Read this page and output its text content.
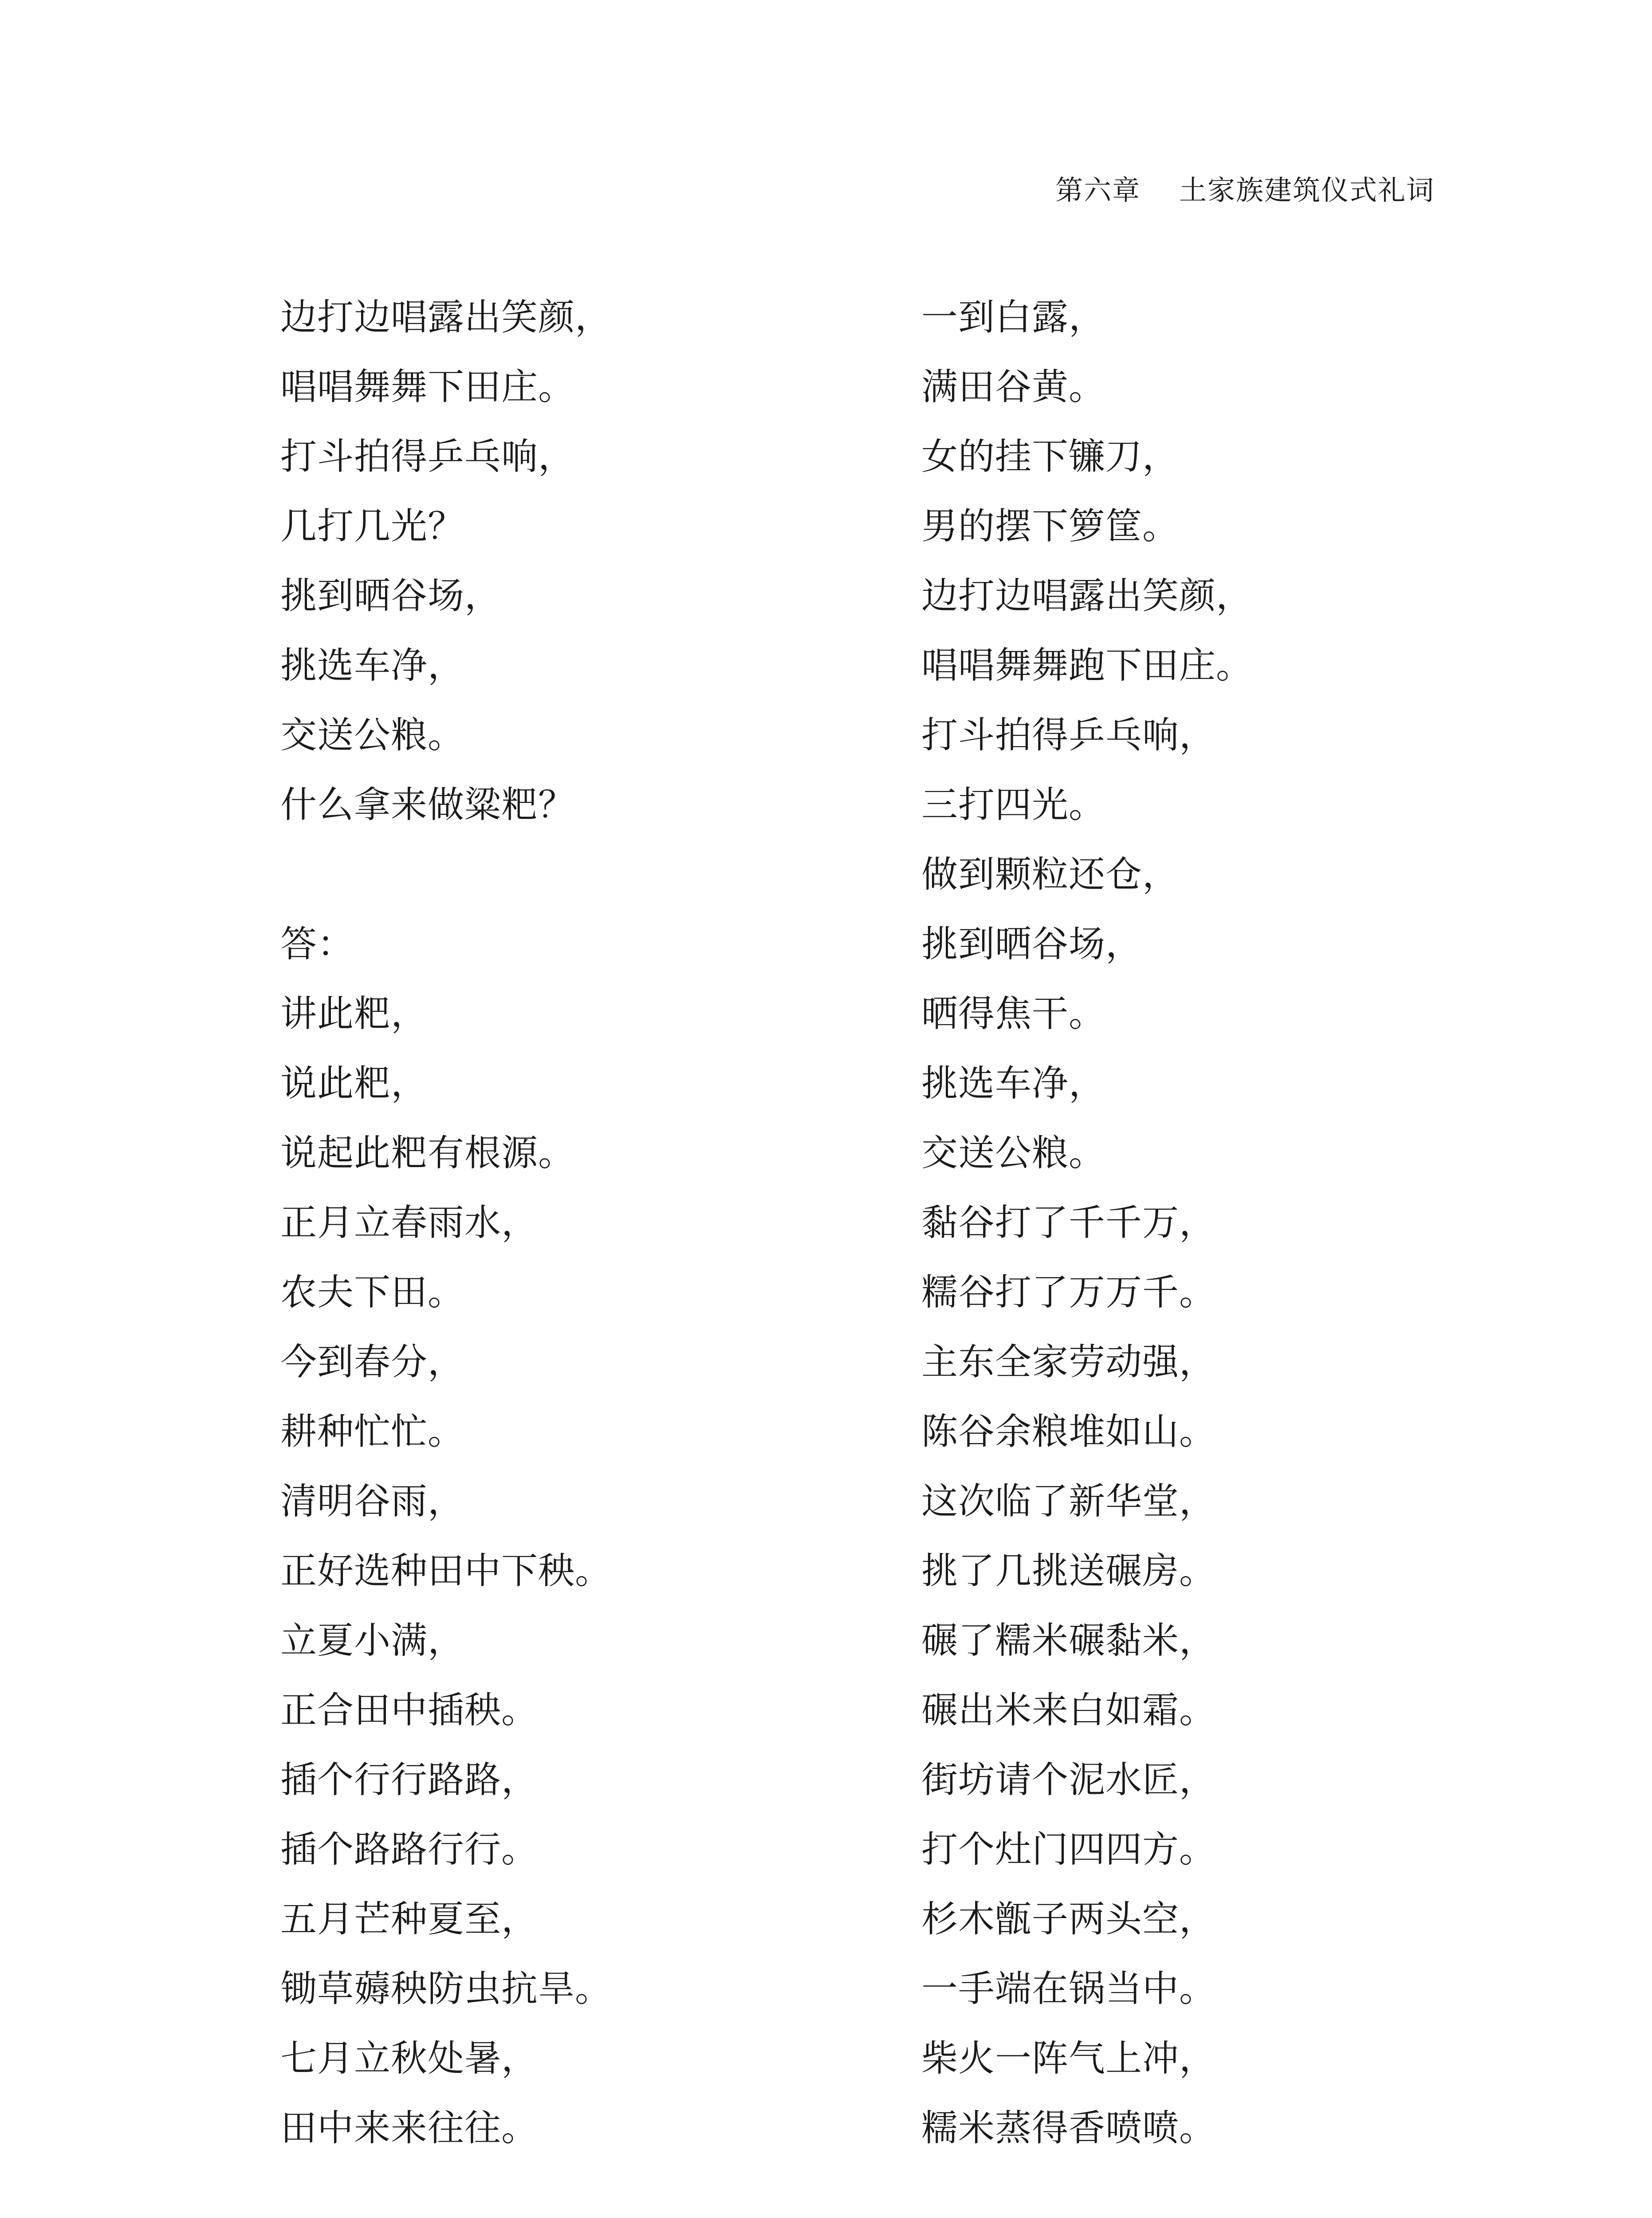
第六章    土家族建筑仪式礼词
边打边唱露出笑颜，
唱唱舞舞下田庄。
打斗拍得乒乓响，
几打几光？
挑到晒谷场，
挑选车净，
交送公粮。
什么拿来做粱粑？
答：
讲此粑，
说此粑，
说起此粑有根源。
正月立春雨水，
农夫下田。
今到春分，
耕种忙忙。
清明谷雨，
正好选种田中下秧。
立夏小满，
正合田中插秧。
插个行行路路，
插个路路行行。
五月芒种夏至，
锄草薅秧防虫抗旱。
七月立秋处暑，
田中来来往往。
一到白露，
满田谷黄。
女的挂下镰刀，
男的摆下箩筐。
边打边唱露出笑颜，
唱唱舞舞跑下田庄。
打斗拍得乒乓响，
三打四光。
做到颗粒还仓，
挑到晒谷场，
晒得焦干。
挑选车净，
交送公粮。
黏谷打了千千万，
糯谷打了万万千。
主东全家劳动强，
陈谷余粮堆如山。
这次临了新华堂，
挑了几挑送碾房。
碾了糯米碾黏米，
碾出米来白如霜。
街坊请个泥水匠，
打个灶门四四方。
杉木甑子两头空，
一手端在锅当中。
柴火一阵气上冲，
糯米蒸得香喷喷。
